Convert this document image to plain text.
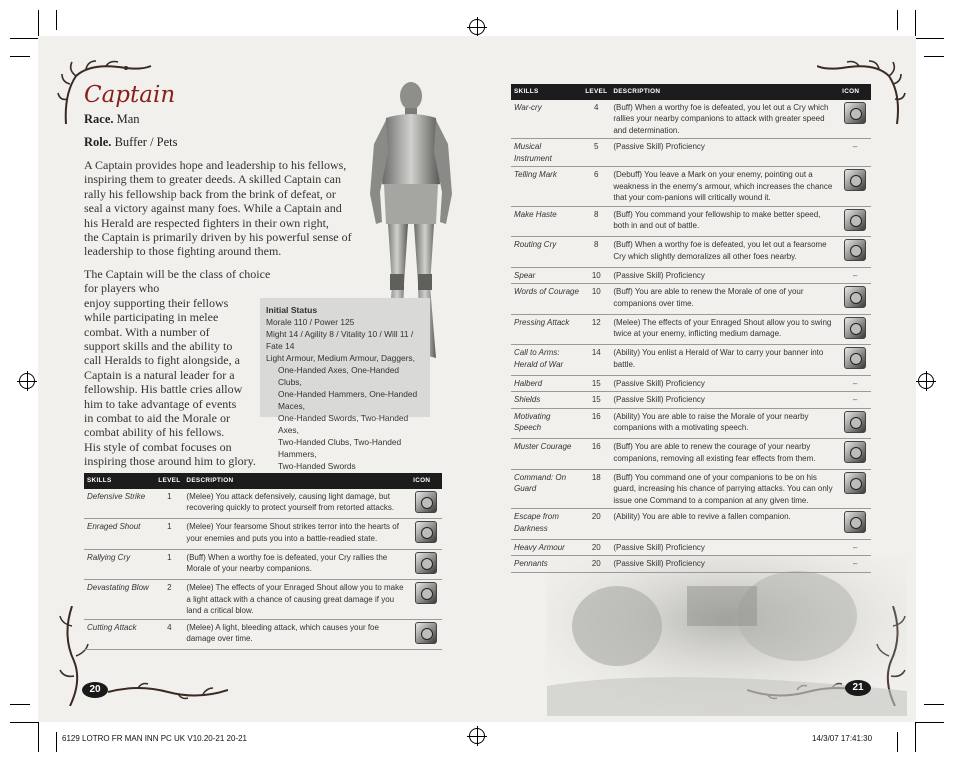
Captain
Race. Man
Role. Buffer / Pets
A Captain provides hope and leadership to his fellows,
inspiring them to greater deeds. A skilled Captain can
rally his fellowship back from the brink of defeat, or
seal a victory against many foes. While a Captain and
his Herald are respected fighters in their own right,
the Captain is primarily driven by his powerful sense of
leadership to those fighting around them.
The Captain will be the class of choice for players who
enjoy supporting their fellows
while participating in melee
combat. With a number of
support skills and the ability to
call Heralds to fight alongside, a
Captain is a natural leader for a
fellowship. His battle cries allow
him to take advantage of events
in combat to aid the Morale or
combat ability of his fellows.
His style of combat focuses on
inspiring those around him to glory.
Initial Status
Morale 110 / Power 125
Might 14 / Agility 8 / Vitality 10 / Will 11 / Fate 14
Light Armour, Medium Armour, Daggers,
One-Handed Axes, One-Handed Clubs,
One-Handed Hammers, One-Handed Maces,
One-Handed Swords, Two-Handed Axes,
Two-Handed Clubs, Two-Handed Hammers,
Two-Handed Swords
SKILLS	LEVEL	DESCRIPTION	ICON
Defensive Strike	1	(Melee) You attack defensively, causing light damage, but recovering quickly to protect yourself from retorted attacks.	
Enraged Shout	1	(Melee) Your fearsome Shout strikes terror into the hearts of your enemies and puts you into a battle-readied state.	
Rallying Cry	1	(Buff) When a worthy foe is defeated, your Cry rallies the Morale of your nearby companions.	
Devastating Blow	2	(Melee) The effects of your Enraged Shout allow you to make a light attack with a chance of causing great damage if you land a critical blow.	
Cutting Attack	4	(Melee) A light, bleeding attack, which causes your foe damage over time.	
20
SKILLS	LEVEL	DESCRIPTION	ICON
War-cry	4	(Buff) When a worthy foe is defeated, you let out a Cry which rallies your nearby companions to attack with greater speed and determination.	
Musical Instrument	5	(Passive Skill) Proficiency	–
Telling Mark	6	(Debuff) You leave a Mark on your enemy, pointing out a weakness in the enemy's armour, which increases the chance that your com-panions will critically wound it.	
Make Haste	8	(Buff) You command your fellowship to make better speed, both in and out of battle.	
Routing Cry	8	(Buff) When a worthy foe is defeated, you let out a fearsome Cry which slightly demoralizes all other foes nearby.	
Spear	10	(Passive Skill) Proficiency	–
Words of Courage	10	(Buff) You are able to renew the Morale of one of your companions over time.	
Pressing Attack	12	(Melee) The effects of your Enraged Shout allow you to swing twice at your enemy, inflicting medium damage.	
Call to Arms: Herald of War	14	(Ability) You enlist a Herald of War to carry your banner into battle.	
Halberd	15	(Passive Skill) Proficiency	–
Shields	15	(Passive Skill) Proficiency	–
Motivating Speech	16	(Ability) You are able to raise the Morale of your nearby companions with a motivating speech.	
Muster Courage	16	(Buff) You are able to renew the courage of your nearby companions, removing all existing fear effects from them.	
Command: On Guard	18	(Buff) You command one of your companions to be on his guard, increasing his chance of parrying attacks. You can only issue one Command to a companion at any given time.	
Escape from Darkness	20	(Ability) You are able to revive a fallen companion.	
Heavy Armour	20	(Passive Skill) Proficiency	–
Pennants	20	(Passive Skill) Proficiency	–
21
6129 LOTRO FR MAN INN PC UK V10.20-21 20-21	14/3/07 17:41:30
